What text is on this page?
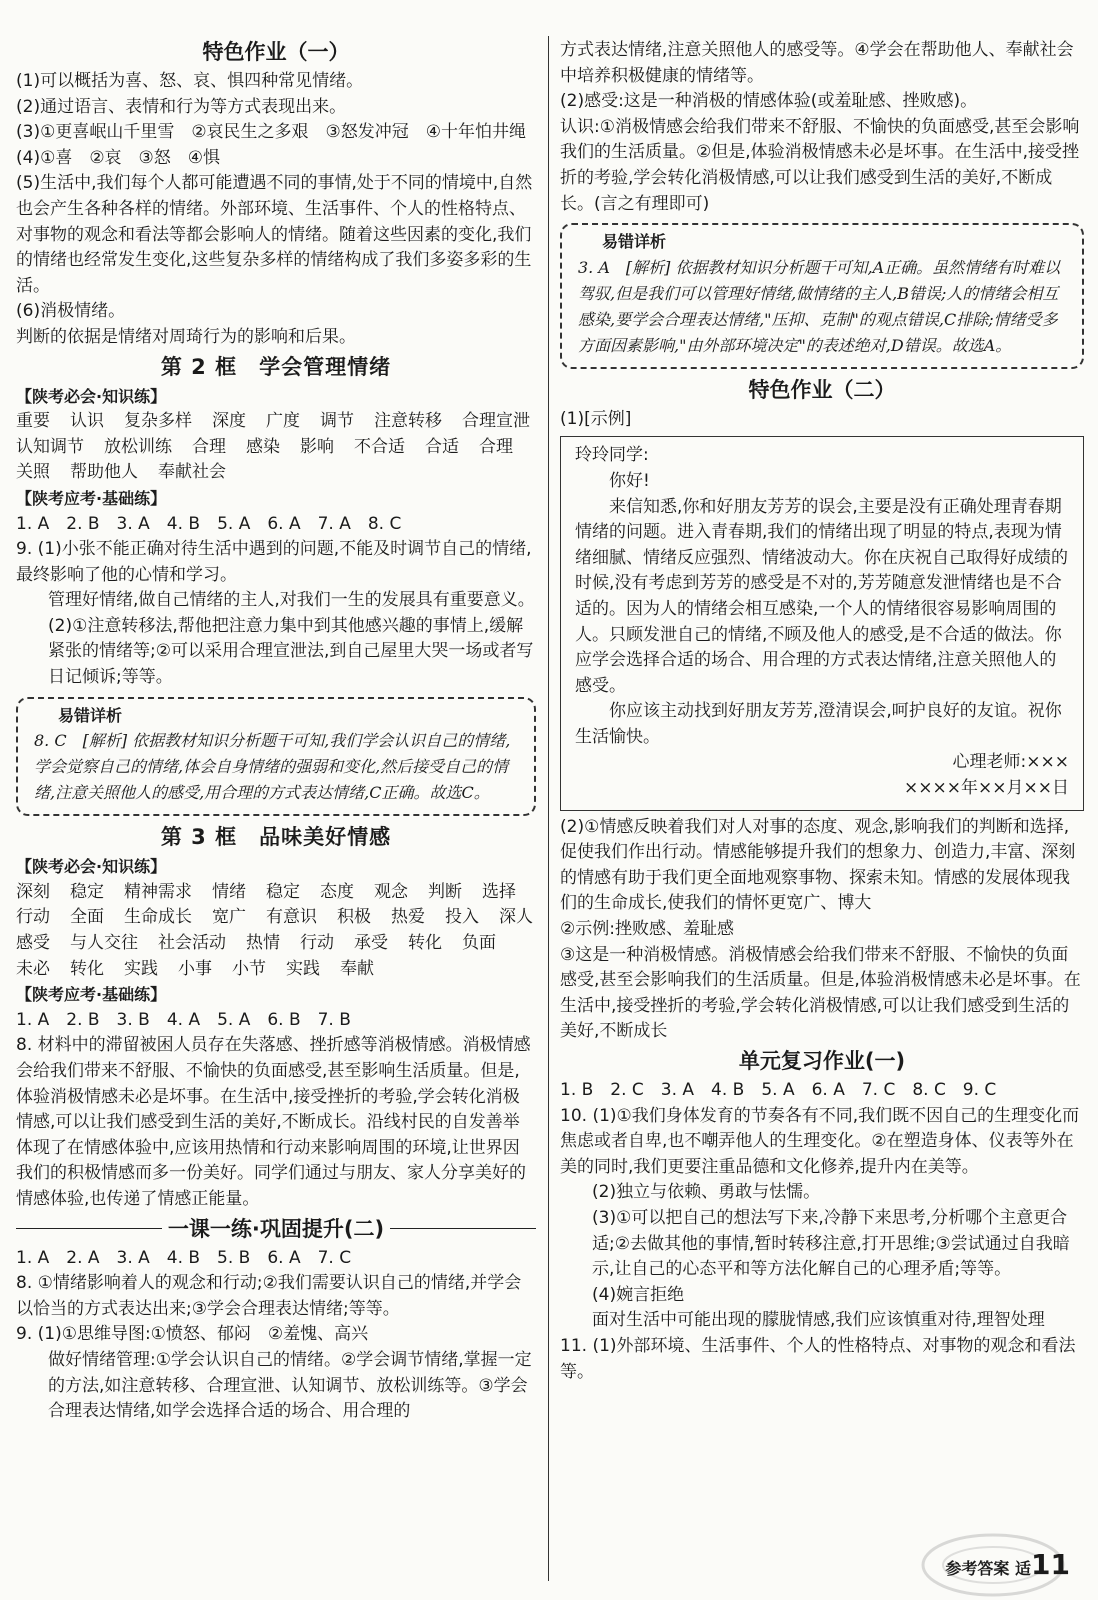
特色作业（一）

(1)可以概括为喜、怒、哀、惧四种常见情绪。

(2)通过语言、表情和行为等方式表现出来。

(3)①更喜岷山千里雪　②哀民生之多艰　③怒发冲冠　④十年怕井绳

(4)①喜　②哀　③怒　④惧

(5)生活中,我们每个人都可能遭遇不同的事情,处于不同的情境中,自然也会产生各种各样的情绪。外部环境、生活事件、个人的性格特点、对事物的观念和看法等都会影响人的情绪。随着这些因素的变化,我们的情绪也经常发生变化,这些复杂多样的情绪构成了我们多姿多彩的生活。

(6)消极情绪。

判断的依据是情绪对周琦行为的影响和后果。

第 2 框　学会管理情绪
【陕考必会·知识练】
重要 认识 复杂多样 深度 广度 调节 注意转移 合理宣泄
认知调节 放松训练 合理 感染 影响 不合适 合适 合理
关照 帮助他人 奉献社会
【陕考应考·基础练】

1. A　2. B　3. A　4. B　5. A　6. A　7. A　8. C

9. (1)小张不能正确对待生活中遇到的问题,不能及时调节自己的情绪,最终影响了他的心情和学习。

管理好情绪,做自己情绪的主人,对我们一生的发展具有重要意义。

(2)①注意转移法,帮他把注意力集中到其他感兴趣的事情上,缓解紧张的情绪等;②可以采用合理宣泄法,到自己屋里大哭一场或者写日记倾诉;等等。

易错详析
8. C　[解析] 依据教材知识分析题干可知,我们学会认识自己的情绪,学会觉察自己的情绪,体会自身情绪的强弱和变化,然后接受自己的情绪,注意关照他人的感受,用合理的方式表达情绪,C正确。故选C。
第 3 框　品味美好情感
【陕考必会·知识练】
深刻 稳定 精神需求 情绪 稳定 态度 观念 判断 选择
行动 全面 生命成长 宽广 有意识 积极 热爱 投入 深人
感受 与人交往 社会活动 热情 行动 承受 转化 负面
未必 转化 实践 小事 小节 实践 奉献
【陕考应考·基础练】

1. A　2. B　3. B　4. A　5. A　6. B　7. B

8. 材料中的滞留被困人员存在失落感、挫折感等消极情感。消极情感会给我们带来不舒服、不愉快的负面感受,甚至影响生活质量。但是,体验消极情感未必是坏事。在生活中,接受挫折的考验,学会转化消极情感,可以让我们感受到生活的美好,不断成长。沿线村民的自发善举体现了在情感体验中,应该用热情和行动来影响周围的环境,让世界因我们的积极情感而多一份美好。同学们通过与朋友、家人分享美好的情感体验,也传递了情感正能量。

一课一练·巩固提升(二)

1. A　2. A　3. A　4. B　5. B　6. A　7. C

8. ①情绪影响着人的观念和行动;②我们需要认识自己的情绪,并学会以恰当的方式表达出来;③学会合理表达情绪;等等。

9. (1)①思维导图:①愤怒、郁闷　②羞愧、高兴

做好情绪管理:①学会认识自己的情绪。②学会调节情绪,掌握一定的方法,如注意转移、合理宣泄、认知调节、放松训练等。③学会合理表达情绪,如学会选择合适的场合、用合理的

方式表达情绪,注意关照他人的感受等。④学会在帮助他人、奉献社会中培养积极健康的情绪等。

(2)感受:这是一种消极的情感体验(或羞耻感、挫败感)。

认识:①消极情感会给我们带来不舒服、不愉快的负面感受,甚至会影响我们的生活质量。②但是,体验消极情感未必是坏事。在生活中,接受挫折的考验,学会转化消极情感,可以让我们感受到生活的美好,不断成长。(言之有理即可)

易错详析
3. A　[解析] 依据教材知识分析题干可知,A正确。虽然情绪有时难以驾驭,但是我们可以管理好情绪,做情绪的主人,B错误;人的情绪会相互感染,要学会合理表达情绪,"压抑、克制"的观点错误,C排除;情绪受多方面因素影响,"由外部环境决定"的表述绝对,D错误。故选A。
特色作业（二）

(1)[示例]

玲玲同学:

你好!

来信知悉,你和好朋友芳芳的误会,主要是没有正确处理青春期情绪的问题。进入青春期,我们的情绪出现了明显的特点,表现为情绪细腻、情绪反应强烈、情绪波动大。你在庆祝自己取得好成绩的时候,没有考虑到芳芳的感受是不对的,芳芳随意发泄情绪也是不合适的。因为人的情绪会相互感染,一个人的情绪很容易影响周围的人。只顾发泄自己的情绪,不顾及他人的感受,是不合适的做法。你应学会选择合适的场合、用合理的方式表达情绪,注意关照他人的感受。

你应该主动找到好朋友芳芳,澄清误会,呵护良好的友谊。祝你生活愉快。

心理老师:×××

××××年××月××日

(2)①情感反映着我们对人对事的态度、观念,影响我们的判断和选择,促使我们作出行动。情感能够提升我们的想象力、创造力,丰富、深刻的情感有助于我们更全面地观察事物、探索未知。情感的发展体现我们的生命成长,使我们的情怀更宽广、博大

②示例:挫败感、羞耻感

③这是一种消极情感。消极情感会给我们带来不舒服、不愉快的负面感受,甚至会影响我们的生活质量。但是,体验消极情感未必是坏事。在生活中,接受挫折的考验,学会转化消极情感,可以让我们感受到生活的美好,不断成长

单元复习作业(一)

1. B　2. C　3. A　4. B　5. A　6. A　7. C　8. C　9. C

10. (1)①我们身体发育的节奏各有不同,我们既不因自己的生理变化而焦虑或者自卑,也不嘲弄他人的生理变化。②在塑造身体、仪表等外在美的同时,我们更要注重品德和文化修养,提升内在美等。

(2)独立与依赖、勇敢与怯懦。

(3)①可以把自己的想法写下来,冷静下来思考,分析哪个主意更合适;②去做其他的事情,暂时转移注意,打开思维;③尝试通过自我暗示,让自己的心态平和等方法化解自己的心理矛盾;等等。

(4)婉言拒绝

面对生活中可能出现的朦胧情感,我们应该慎重对待,理智处理

11. (1)外部环境、生活事件、个人的性格特点、对事物的观念和看法等。

参考答案 适11
